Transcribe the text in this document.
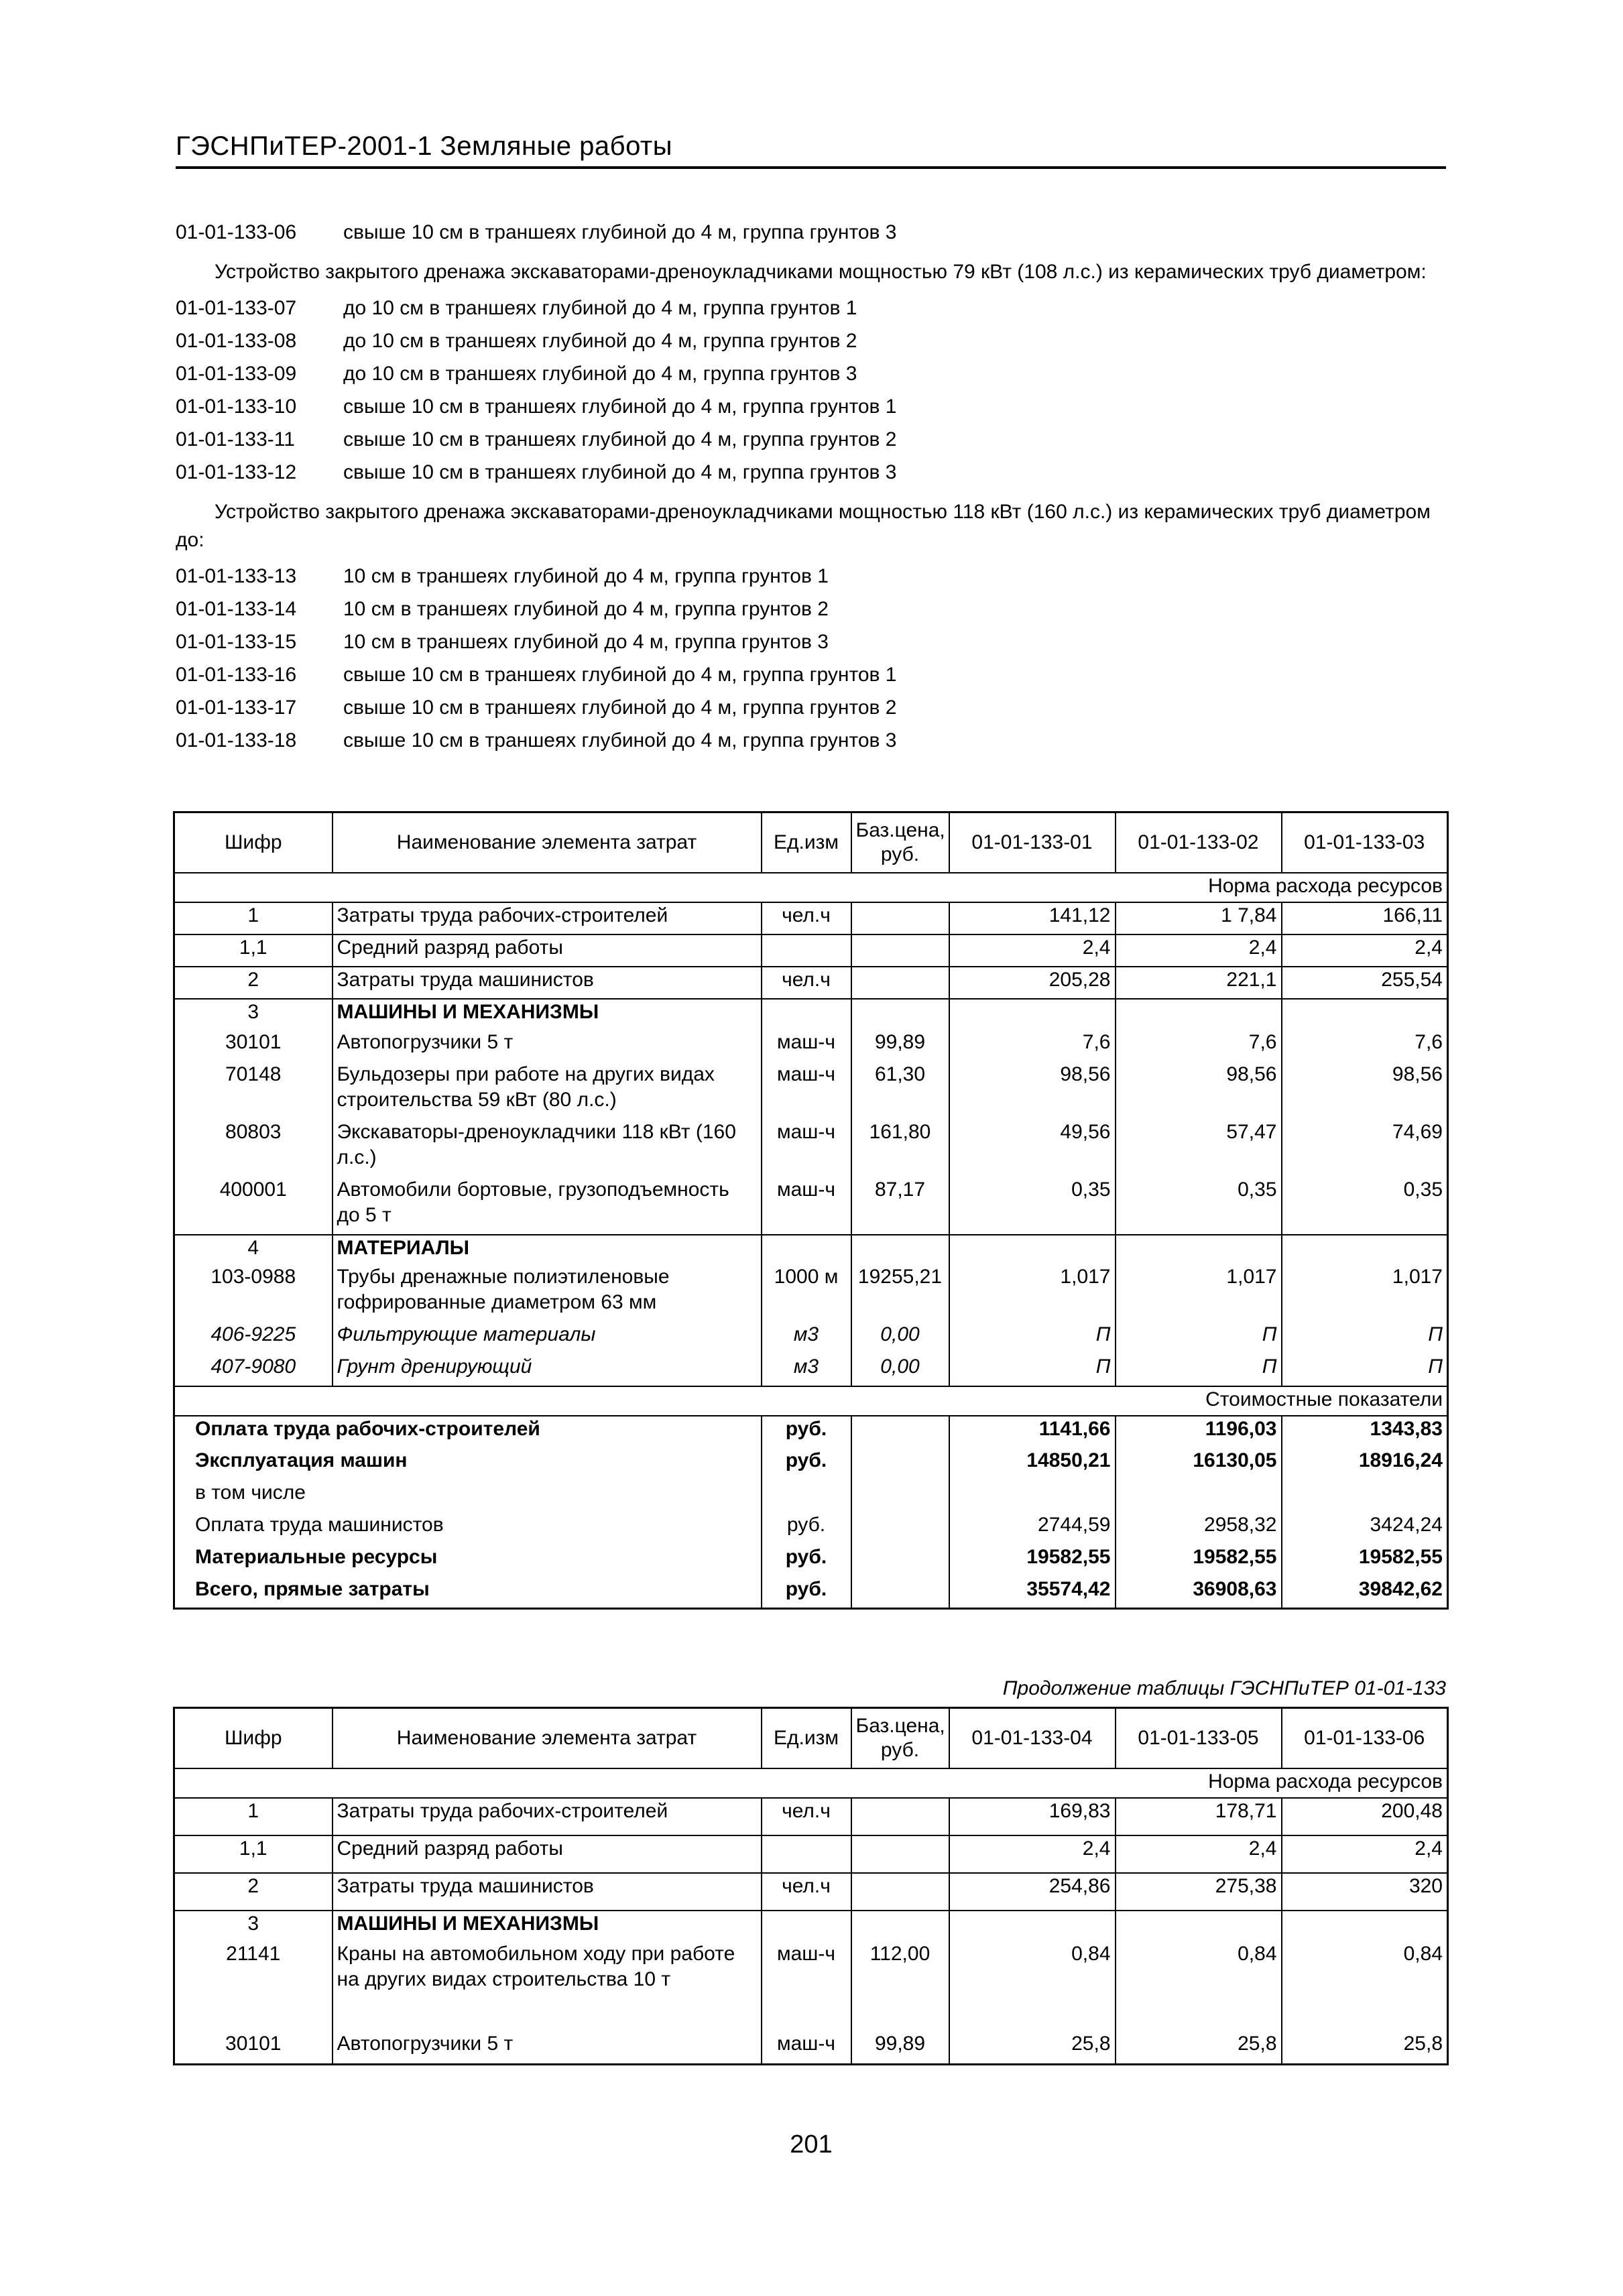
ГЭСНПиТЕР-2001-1 Земляные работы
01-01-133-06	свыше 10 см в траншеях глубиной до 4 м, группа грунтов 3
Устройство закрытого дренажа экскаваторами-дреноукладчиками мощностью 79 кВт (108 л.с.) из керамических труб диаметром:
01-01-133-07	до 10 см в траншеях глубиной до 4 м, группа грунтов 1
01-01-133-08	до 10 см в траншеях глубиной до 4 м, группа грунтов 2
01-01-133-09	до 10 см в траншеях глубиной до 4 м, группа грунтов 3
01-01-133-10	свыше 10 см в траншеях глубиной до 4 м, группа грунтов 1
01-01-133-11	свыше 10 см в траншеях глубиной до 4 м, группа грунтов 2
01-01-133-12	свыше 10 см в траншеях глубиной до 4 м, группа грунтов 3
Устройство закрытого дренажа экскаваторами-дреноукладчиками мощностью 118 кВт (160 л.с.) из керамических труб диаметром до:
01-01-133-13	10 см в траншеях глубиной до 4 м, группа грунтов 1
01-01-133-14	10 см в траншеях глубиной до 4 м, группа грунтов 2
01-01-133-15	10 см в траншеях глубиной до 4 м, группа грунтов 3
01-01-133-16	свыше 10 см в траншеях глубиной до 4 м, группа грунтов 1
01-01-133-17	свыше 10 см в траншеях глубиной до 4 м, группа грунтов 2
01-01-133-18	свыше 10 см в траншеях глубиной до 4 м, группа грунтов 3
Шифр	Наименование элемента затрат	Ед.изм	Баз.цена, руб.	01-01-133-01	01-01-133-02	01-01-133-03
Норма расхода ресурсов						
1	Затраты труда рабочих-строителей	чел.ч		141,12	1 7,84	166,11
1,1	Средний разряд работы			2,4	2,4	2,4
2	Затраты труда машинистов	чел.ч		205,28	221,1	255,54
3	МАШИНЫ И МЕХАНИЗМЫ					
30101	Автопогрузчики 5 т	маш-ч	99,89	7,6	7,6	7,6
70148	Бульдозеры при работе на других видах строительства 59 кВт (80 л.с.)	маш-ч	61,30	98,56	98,56	98,56
80803	Экскаваторы-дреноукладчики 118 кВт (160 л.с.)	маш-ч	161,80	49,56	57,47	74,69
400001	Автомобили бортовые, грузоподъемность до 5 т	маш-ч	87,17	0,35	0,35	0,35
4	МАТЕРИАЛЫ					
103-0988	Трубы дренажные полиэтиленовые гофрированные диаметром 63 мм	1000 м	19255,21	1,017	1,017	1,017
406-9225	Фильтрующие материалы	м3	0,00	П	П	П
407-9080	Грунт дренирующий	м3	0,00	П	П	П
Стоимостные показатели						
Оплата труда рабочих-строителей		руб.		1141,66	1196,03	1343,83
Эксплуатация машин		руб.		14850,21	16130,05	18916,24
в том числе						
Оплата труда машинистов		руб.		2744,59	2958,32	3424,24
Материальные ресурсы		руб.		19582,55	19582,55	19582,55
Всего, прямые затраты		руб.		35574,42	36908,63	39842,62
Продолжение таблицы ГЭСНПиТЕР 01-01-133
Шифр	Наименование элемента затрат	Ед.изм	Баз.цена, руб.	01-01-133-04	01-01-133-05	01-01-133-06
Норма расхода ресурсов						
1	Затраты труда рабочих-строителей	чел.ч		169,83	178,71	200,48
1,1	Средний разряд работы			2,4	2,4	2,4
2	Затраты труда машинистов	чел.ч		254,86	275,38	320
3	МАШИНЫ И МЕХАНИЗМЫ					
21141	Краны на автомобильном ходу при работе на других видах строительства 10 т	маш-ч	112,00	0,84	0,84	0,84
30101	Автопогрузчики 5 т	маш-ч	99,89	25,8	25,8	25,8
201
